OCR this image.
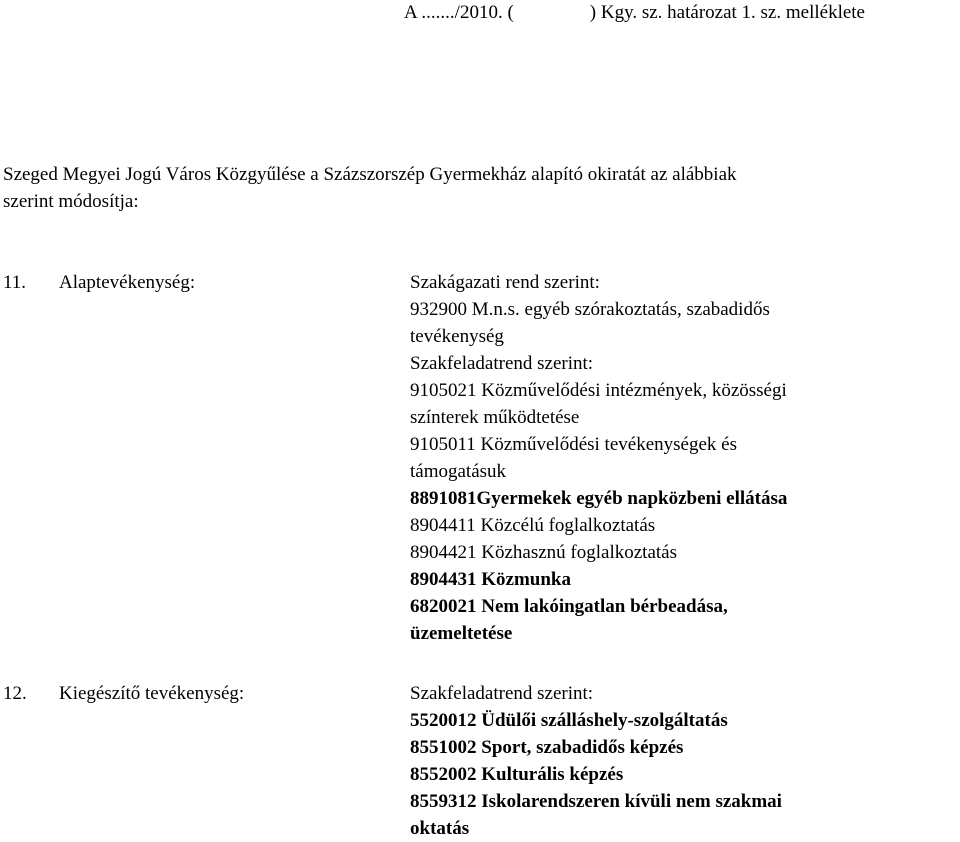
A ......./2010. (                ) Kgy. sz. határozat 1. sz. melléklete

Szeged Megyei Jogú Város Közgyűlése a Százszorszép Gyermekház alapító okiratát az alábbiak

szerint módosítja:

11. Alaptevékenység:	Szakágazati rend szerint:
932900 M.n.s. egyéb szórakoztatás, szabadidős
tevékenység
Szakfeladatrend szerint:
9105021 Közművelődési intézmények, közösségi
színterek működtetése
9105011 Közművelődési tevékenységek és
támogatásuk
8891081Gyermekek egyéb napközbeni ellátása
8904411 Közcélú foglalkoztatás
8904421 Közhasznú foglalkoztatás
8904431 Közmunka
6820021 Nem lakóingatlan bérbeadása,
üzemeltetése
12. Kiegészítő tevékenység:	Szakfeladatrend szerint:
5520012 Üdülői szálláshely-szolgáltatás
8551002 Sport, szabadidős képzés
8552002 Kulturális képzés
8559312 Iskolarendszeren kívüli nem szakmai
oktatás
